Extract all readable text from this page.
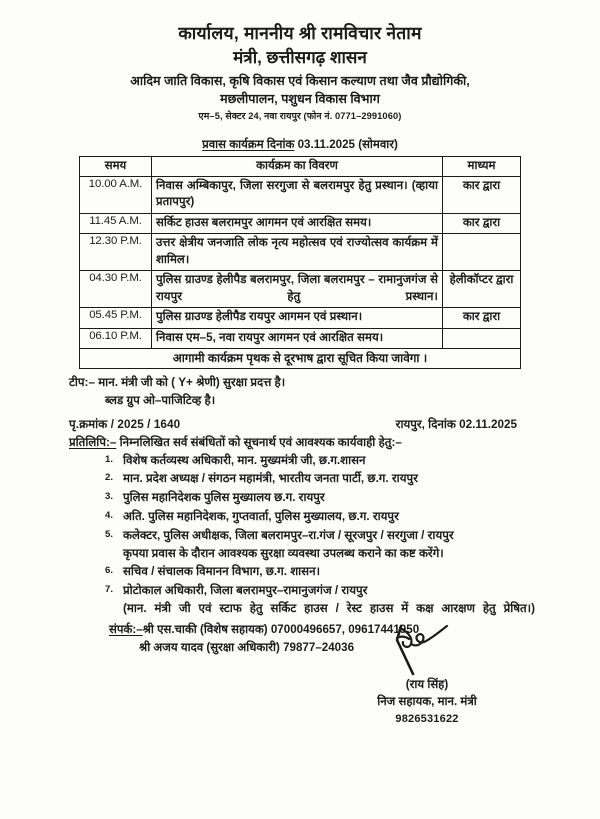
कार्यालय, माननीय श्री रामविचार नेताम
मंत्री, छत्तीसगढ़ शासन
आदिम जाति विकास, कृषि विकास एवं किसान कल्याण तथा जैव प्रौद्योगिकी,
मछलीपालन, पशुधन विकास विभाग
एम–5, सेक्टर 24, नवा रायपुर (फोन नं. 0771–2991060)
प्रवास कार्यक्रम दिनांक 03.11.2025 (सोमवार)
समय	कार्यक्रम का विवरण	माध्यम
10.00 A.M.	निवास अम्बिकापुर, जिला सरगुजा से बलरामपुर हेतु प्रस्थान। (व्हाया प्रतापपुर)	कार द्वारा
11.45 A.M.	सर्किट हाउस बलरामपुर आगमन एवं आरक्षित समय।	कार द्वारा
12.30 P.M.	उत्तर क्षेत्रीय जनजाति लोक नृत्य महोत्सव एवं राज्योत्सव कार्यक्रम में शामिल।	
04.30 P.M.	पुलिस ग्राउण्ड हेलीपैड बलरामपुर, जिला बलरामपुर – रामानुजगंज से रायपुर हेतु प्रस्थान।	हेलीकॉप्टर द्वारा
05.45 P.M.	पुलिस ग्राउण्ड हेलीपैड रायपुर आगमन एवं प्रस्थान।	कार द्वारा
06.10 P.M.	निवास एम–5, नवा रायपुर आगमन एवं आरक्षित समय।	
आगामी कार्यक्रम पृथक से दूरभाष द्वारा सूचित किया जावेगा ।		
टीप:– मान. मंत्री जी को ( Y+ श्रेणी) सुरक्षा प्रदत्त है।
ब्लड ग्रुप ओ–पाजिटिव्ह है।
पृ.क्रमांक / 2025 / 1640	रायपुर, दिनांक 02.11.2025
प्रतिलिपि:– निम्नलिखित सर्व संबंधितों को सूचनार्थ एवं आवश्यक कार्यवाही हेतु:–
विशेष कर्तव्यस्थ अधिकारी, मान. मुख्यमंत्री जी, छ.ग.शासन
मान. प्रदेश अध्यक्ष / संगठन महामंत्री, भारतीय जनता पार्टी, छ.ग. रायपुर
पुलिस महानिदेशक पुलिस मुख्यालय छ.ग. रायपुर
अति. पुलिस महानिदेशक, गुप्तवार्ता, पुलिस मुख्यालय, छ.ग. रायपुर
कलेक्टर, पुलिस अधीक्षक, जिला बलरामपुर–रा.गंज / सूरजपुर / सरगुजा / रायपुर
कृपया प्रवास के दौरान आवश्यक सुरक्षा व्यवस्था उपलब्ध कराने का कष्ट करेंगे।
सचिव / संचालक विमानन विभाग, छ.ग. शासन।
प्रोटोकाल अधिकारी, जिला बलरामपुर–रामानुजगंज / रायपुर
(मान. मंत्री जी एवं स्टाफ हेतु सर्किट हाउस / रेस्ट हाउस में कक्ष आरक्षण हेतु प्रेषित।)
संपर्क:–श्री एस.चाकी (विशेष सहायक) 07000496657, 09617441950
श्री अजय यादव (सुरक्षा अधिकारी) 79877–24036
(राय सिंह)
निज सहायक, मान. मंत्री
9826531622
